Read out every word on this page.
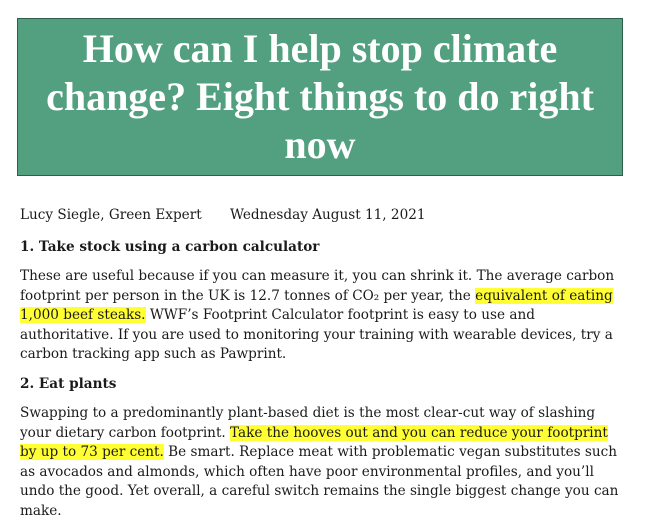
How can I help stop climate change? Eight things to do right now
Lucy Siegle, Green Expert Wednesday August 11, 2021
1. Take stock using a carbon calculator

These are useful because if you can measure it, you can shrink it. The average carbon footprint per person in the UK is 12.7 tonnes of CO₂ per year, the equivalent of eating 1,000 beef steaks. WWF’s Footprint Calculator footprint is easy to use and authoritative. If you are used to monitoring your training with wearable devices, try a carbon tracking app such as Pawprint.

2. Eat plants

Swapping to a predominantly plant-based diet is the most clear-cut way of slashing your dietary carbon footprint. Take the hooves out and you can reduce your footprint by up to 73 per cent. Be smart. Replace meat with problematic vegan substitutes such as avocados and almonds, which often have poor environmental profiles, and you’ll undo the good. Yet overall, a careful switch remains the single biggest change you can make.
